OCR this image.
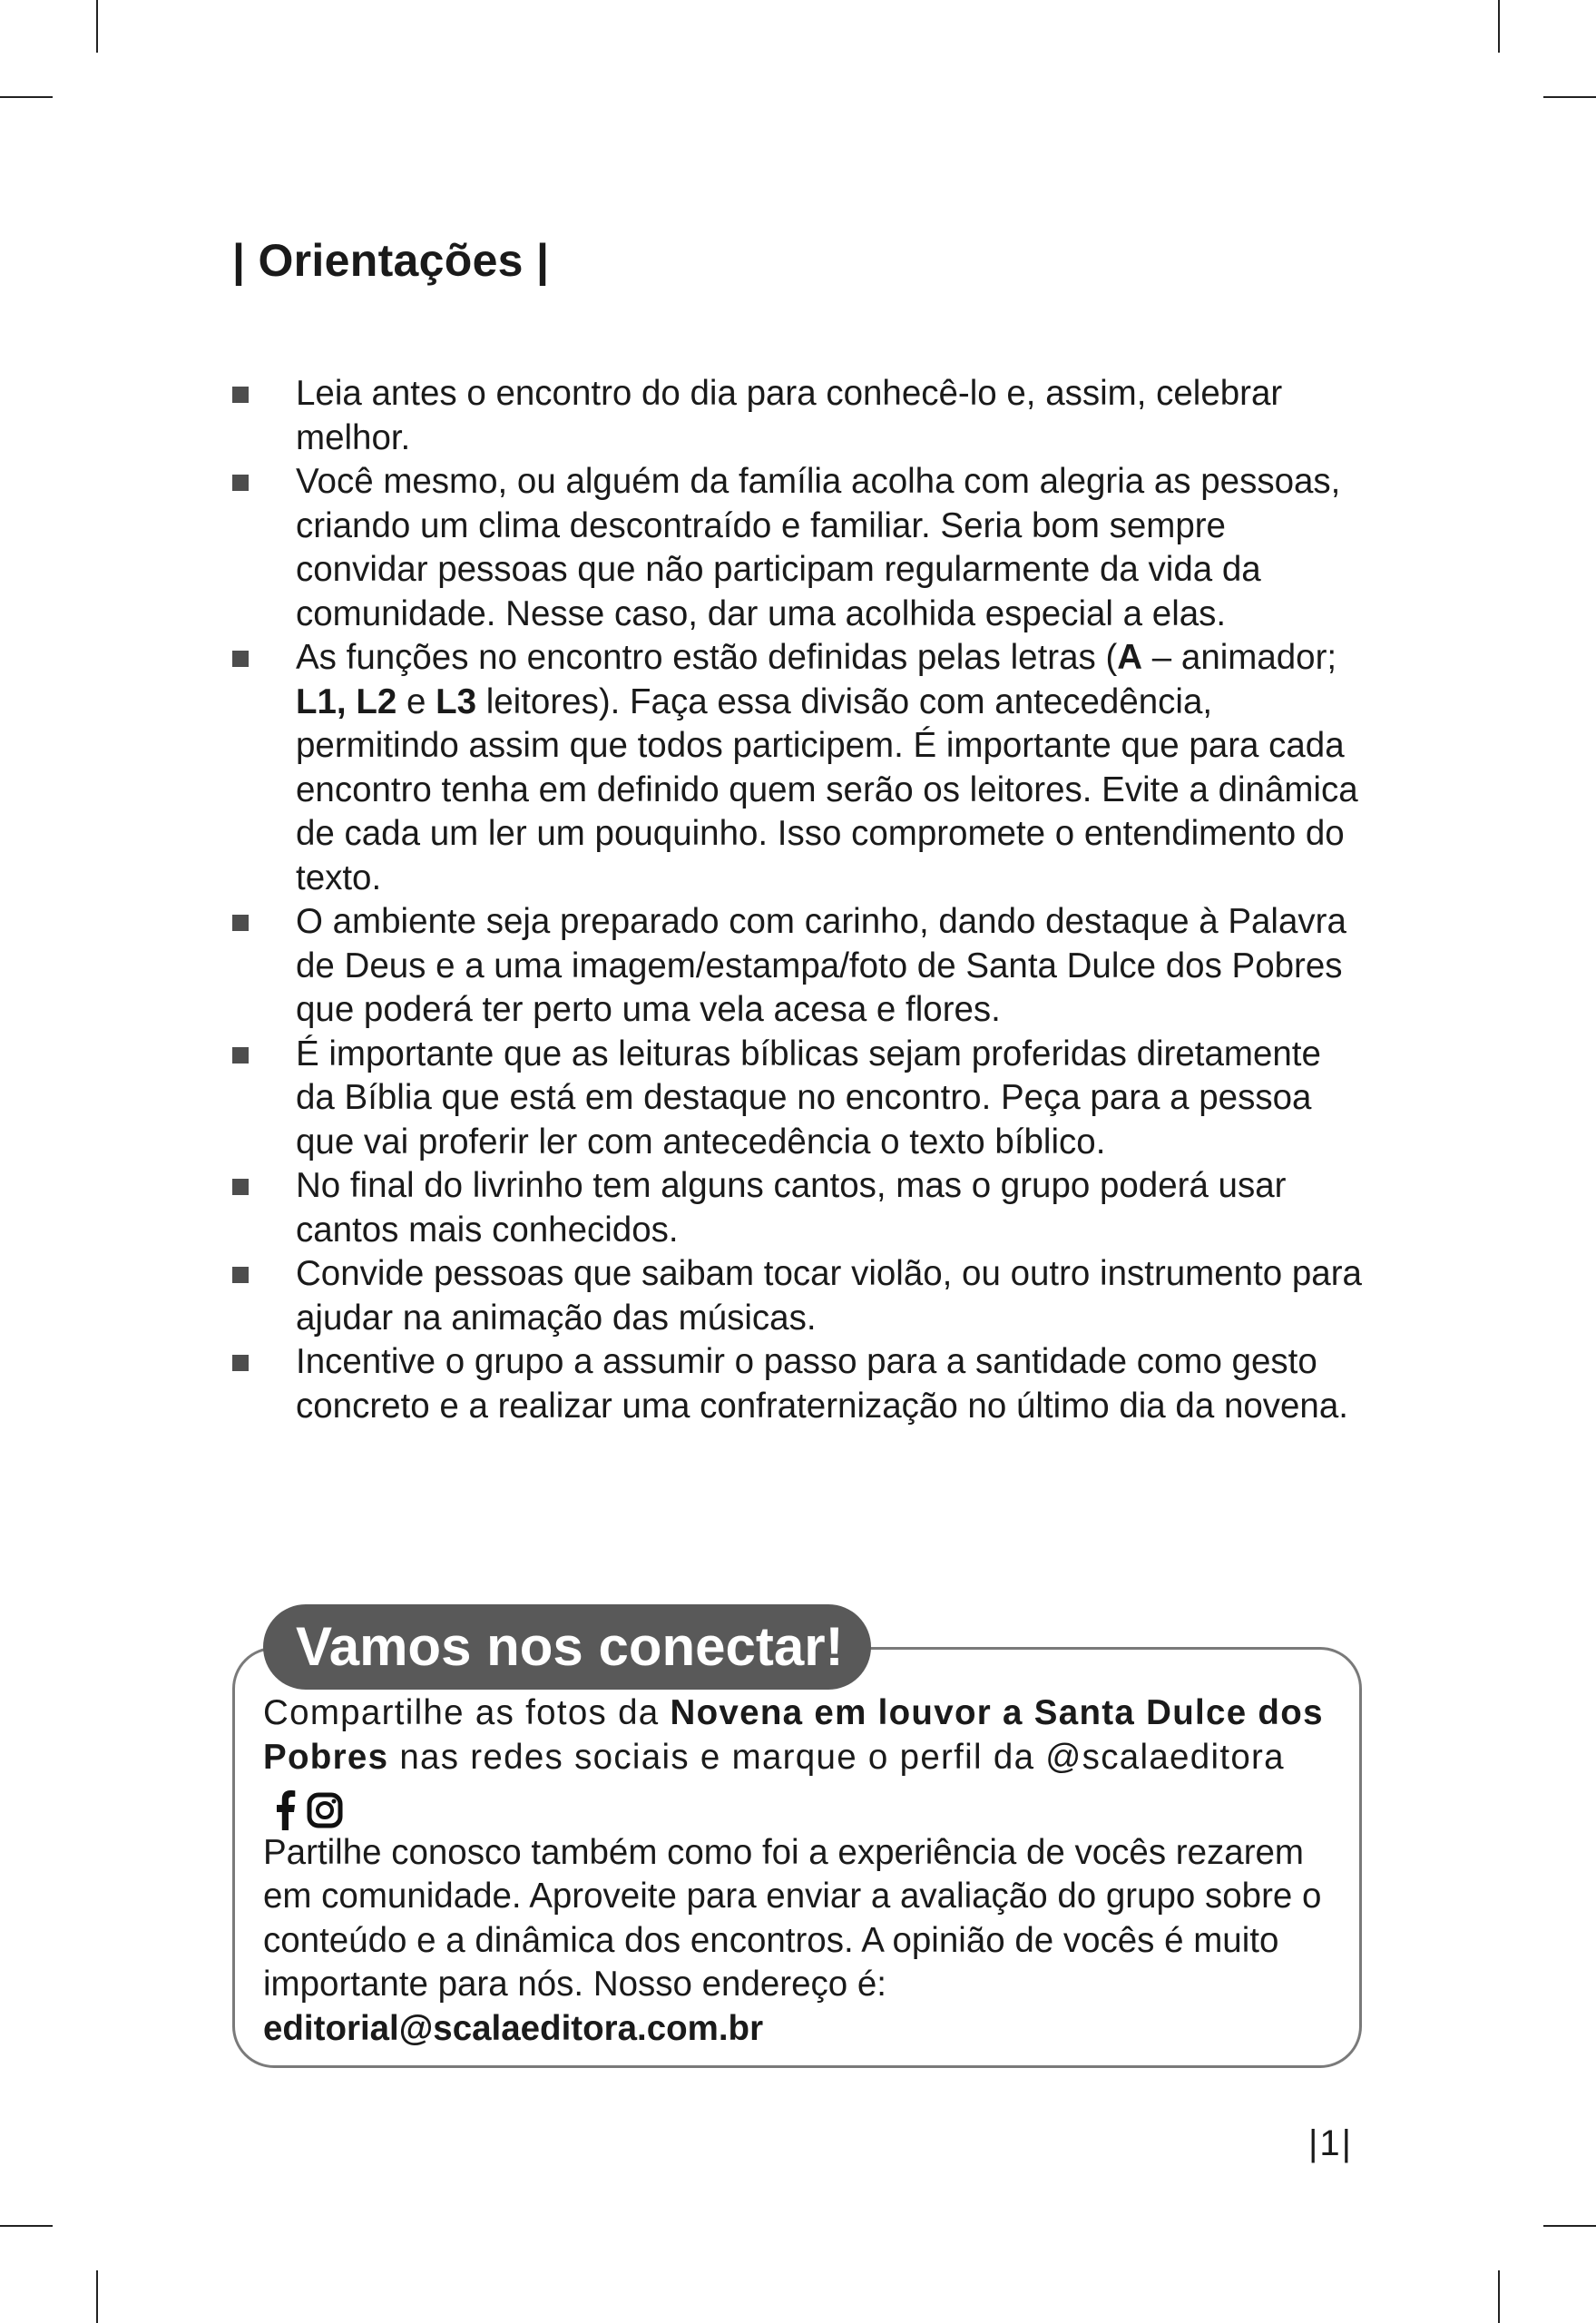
| Orientações |
Leia antes o encontro do dia para conhecê-lo e, assim, celebrar melhor.
Você mesmo, ou alguém da família acolha com alegria as pessoas, criando um clima descontraído e familiar. Seria bom sempre convidar pessoas que não participam regularmente da vida da comunidade. Nesse caso, dar uma acolhida especial a elas.
As funções no encontro estão definidas pelas letras (A – animador; L1, L2 e L3 leitores). Faça essa divisão com antecedência, permitindo assim que todos participem. É importante que para cada encontro tenha em definido quem serão os leitores. Evite a dinâmica de cada um ler um pouquinho. Isso compromete o entendimento do texto.
O ambiente seja preparado com carinho, dando destaque à Palavra de Deus e a uma imagem/estampa/foto de Santa Dulce dos Pobres que poderá ter perto uma vela acesa e flores.
É importante que as leituras bíblicas sejam proferidas diretamente da Bíblia que está em destaque no encontro. Peça para a pessoa que vai proferir ler com antecedência o texto bíblico.
No final do livrinho tem alguns cantos, mas o grupo poderá usar cantos mais conhecidos.
Convide pessoas que saibam tocar violão, ou outro instrumento para ajudar na animação das músicas.
Incentive o grupo a assumir o passo para a santidade como gesto concreto e a realizar uma confraternização no último dia da novena.
Vamos nos conectar!

Compartilhe as fotos da Novena em louvor a Santa Dulce dos Pobres nas redes sociais e marque o perfil da @scalaeditora

Partilhe conosco também como foi a experiência de vocês rezarem em comunidade. Aproveite para enviar a avaliação do grupo sobre o conteúdo e a dinâmica dos encontros. A opinião de vocês é muito importante para nós. Nosso endereço é: editorial@scalaeditora.com.br

|1|
